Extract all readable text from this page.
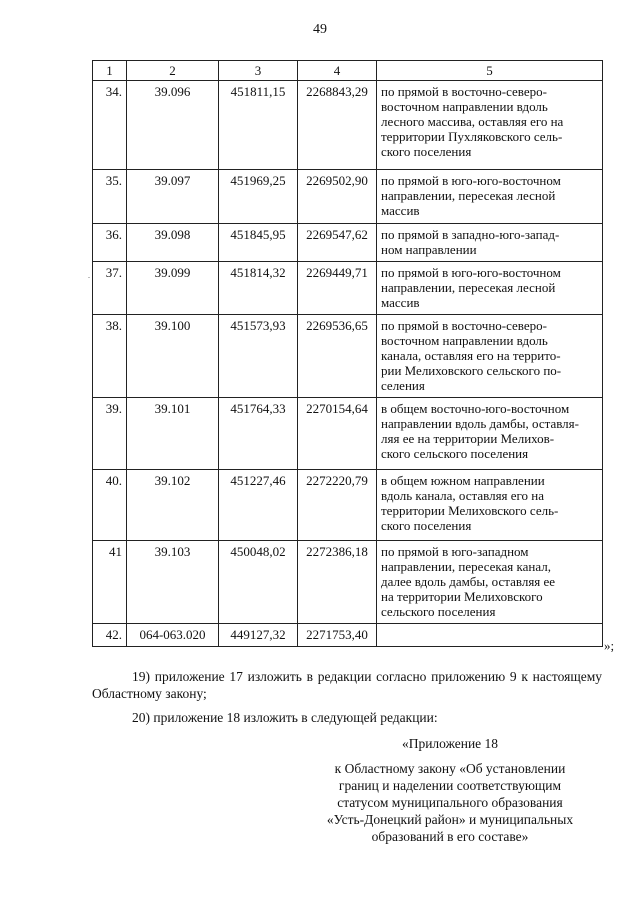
49
1	2	3	4	5
34.	39.096	451811,15	2268843,29	по прямой в восточно-северо-
восточном направлении вдоль
лесного массива, оставляя его на
территории Пухляковского сель-
ского поселения

35.	39.097	451969,25	2269502,90	по прямой в юго-юго-восточном
направлении, пересекая лесной
массив

36.	39.098	451845,95	2269547,62	по прямой в западно-юго-запад-
ном направлении

37.	39.099	451814,32	2269449,71	по прямой в юго-юго-восточном
направлении, пересекая лесной
массив

38.	39.100	451573,93	2269536,65	по прямой в восточно-северо-
восточном направлении вдоль
канала, оставляя его на террито-
рии Мелиховского сельского по-
селения

39.	39.101	451764,33	2270154,64	в общем восточно-юго-восточном
направлении вдоль дамбы, оставля-
ляя ее на территории Мелихов-
ского сельского поселения

40.	39.102	451227,46	2272220,79	в общем южном направлении
вдоль канала, оставляя его на
территории Мелиховского сель-
ского поселения

41	39.103	450048,02	2272386,18	по прямой в юго-западном
направлении, пересекая канал,
далее вдоль дамбы, оставляя ее
на территории Мелиховского
сельского поселения

42.	064-063.020	449127,32	2271753,40	
»;
.
19) приложение 17 изложить в редакции согласно приложению 9 к настоящему Областному закону;
20) приложение 18 изложить в следующей редакции:
«Приложение 18
к Областному закону «Об установлении
границ и наделении соответствующим
статусом муниципального образования
«Усть-Донецкий район» и муниципальных
образований в его составе»
